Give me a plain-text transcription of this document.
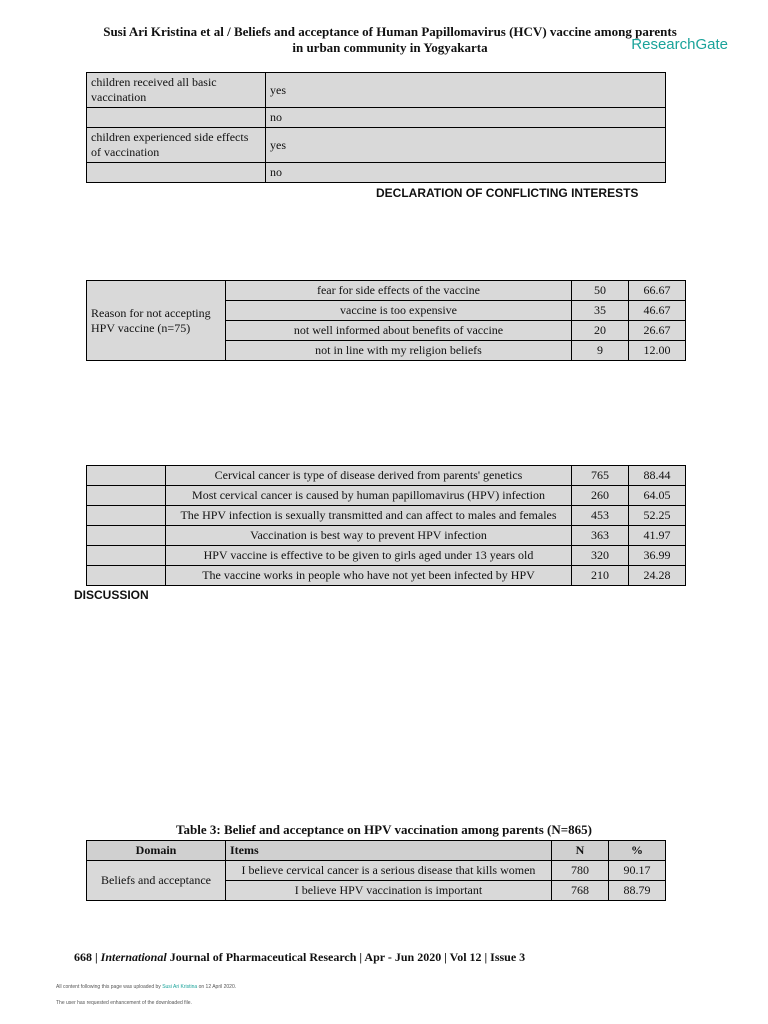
Susi Ari Kristina et al / Beliefs and acceptance of Human Papillomavirus (HCV) vaccine among parents
in urban community in Yogyakarta	ResearchGate
children received all basic vaccination	yes
	no
children experienced side effects of vaccination	yes
	no
DECLARATION OF CONFLICTING INTERESTS
Reason for not accepting HPV vaccine (n=75)	fear for side effects of the vaccine	50	66.67
	vaccine is too expensive	35	46.67
	not well informed about benefits of vaccine	20	26.67
	not in line with my religion beliefs	9	12.00
DISCUSSION
	Cervical cancer is type of disease derived from parents' genetics	765	88.44
	Most cervical cancer is caused by human papillomavirus (HPV) infection	260	64.05
	The HPV infection is sexually transmitted and can affect to males and females	453	52.25
	Vaccination is best way to prevent HPV infection	363	41.97
	HPV vaccine is effective to be given to girls aged under 13 years old	320	36.99
	The vaccine works in people who have not yet been infected by HPV	210	24.28
Table 3: Belief and acceptance on HPV vaccination among parents (N=865)
Domain	Items	N	%
Beliefs and acceptance	I believe cervical cancer is a serious disease that kills women	780	90.17
	I believe HPV vaccination is important	768	88.79
668 | International Journal of Pharmaceutical Research | Apr - Jun 2020 | Vol 12 | Issue 3
All content following this page was uploaded by Susi Ari Kristina on 12 April 2020.
The user has requested enhancement of the downloaded file.
